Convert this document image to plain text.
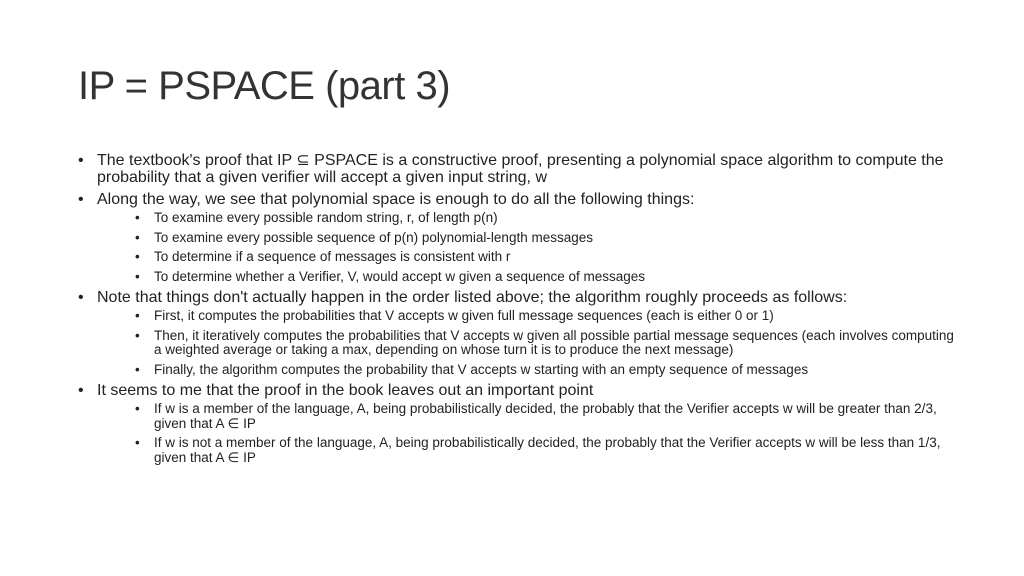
IP = PSPACE (part 3)
• The textbook's proof that IP ⊆ PSPACE is a constructive proof, presenting a polynomial space algorithm to compute the probability that a given verifier will accept a given input string, w
• Along the way, we see that polynomial space is enough to do all the following things:
• To examine every possible random string, r, of length p(n)
• To examine every possible sequence of p(n) polynomial-length messages
• To determine if a sequence of messages is consistent with r
• To determine whether a Verifier, V, would accept w given a sequence of messages
• Note that things don't actually happen in the order listed above; the algorithm roughly proceeds as follows:
• First, it computes the probabilities that V accepts w given full message sequences (each is either 0 or 1)
• Then, it iteratively computes the probabilities that V accepts w given all possible partial message sequences (each involves computing a weighted average or taking a max, depending on whose turn it is to produce the next message)
• Finally, the algorithm computes the probability that V accepts w starting with an empty sequence of messages
• It seems to me that the proof in the book leaves out an important point
• If w is a member of the language, A, being probabilistically decided, the probably that the Verifier accepts w will be greater than 2/3, given that A ∈ IP
• If w is not a member of the language, A, being probabilistically decided, the probably that the Verifier accepts w will be less than 1/3, given that A ∈ IP
